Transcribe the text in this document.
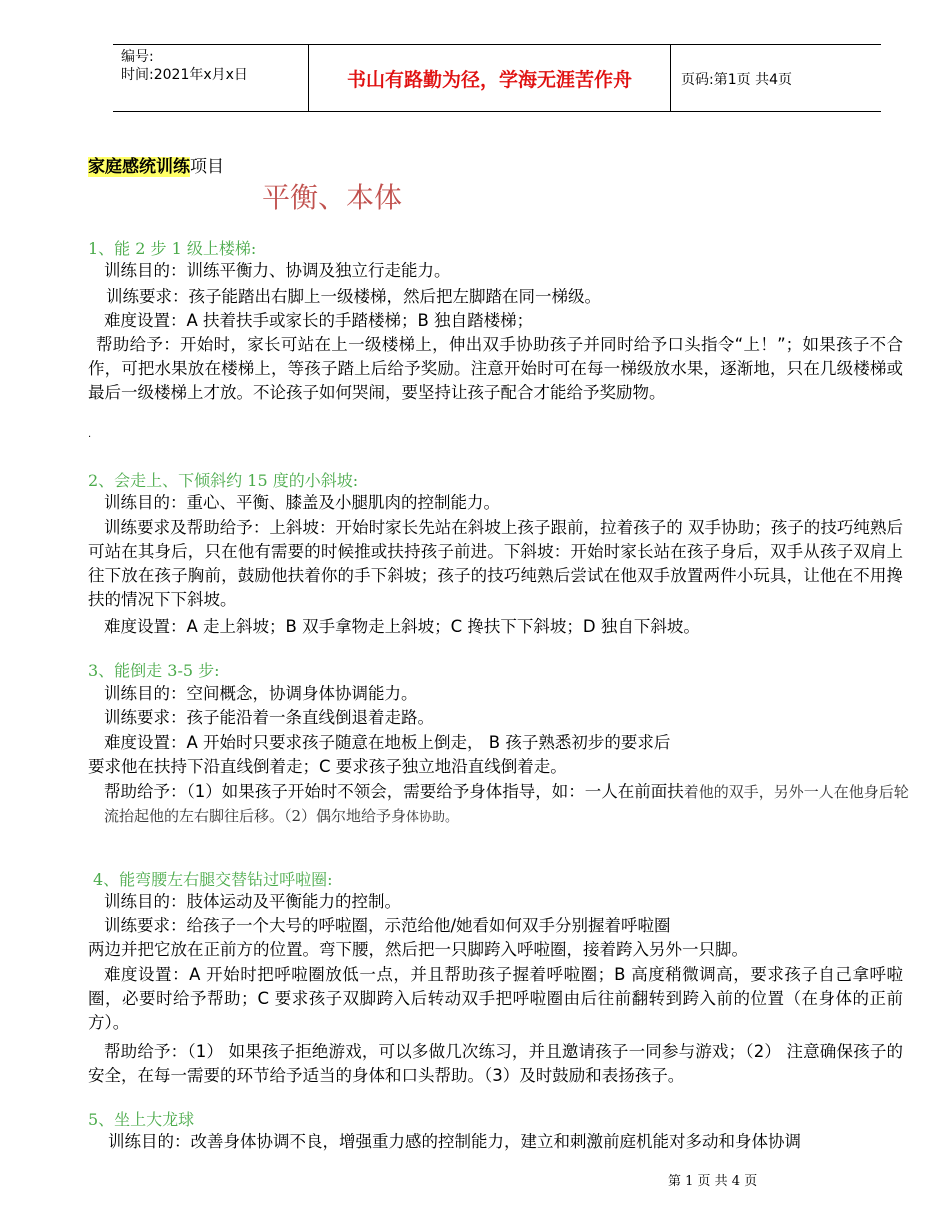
编号:
时间:2021年x月x日	书山有路勤为径，学海无涯苦作舟	页码:第1页 共4页
家庭感统训练项目
平衡、本体
1、能 2 步 1 级上楼梯:
训练目的：训练平衡力、协调及独立行走能力。
训练要求：孩子能踏出右脚上一级楼梯，然后把左脚踏在同一梯级。
难度设置：A 扶着扶手或家长的手踏楼梯；B 独自踏楼梯；
帮助给予：开始时，家长可站在上一级楼梯上，伸出双手协助孩子并同时给予口头指令“上！”；如果孩子不合作，可把水果放在楼梯上，等孩子踏上后给予奖励。注意开始时可在每一梯级放水果，逐渐地，只在几级楼梯或最后一级楼梯上才放。不论孩子如何哭闹，要坚持让孩子配合才能给予奖励物。
·
2、会走上、下倾斜约 15 度的小斜坡:
训练目的：重心、平衡、膝盖及小腿肌肉的控制能力。
训练要求及帮助给予：上斜坡：开始时家长先站在斜坡上孩子跟前，拉着孩子的 双手协助；孩子的技巧纯熟后可站在其身后，只在他有需要的时候推或扶持孩子前进。下斜坡：开始时家长站在孩子身后，双手从孩子双肩上往下放在孩子胸前，鼓励他扶着你的手下斜坡；孩子的技巧纯熟后尝试在他双手放置两件小玩具，让他在不用搀扶的情况下下斜坡。
难度设置：A 走上斜坡；B 双手拿物走上斜坡；C 搀扶下下斜坡；D 独自下斜坡。
3、能倒走 3-5 步:
训练目的：空间概念，协调身体协调能力。
训练要求：孩子能沿着一条直线倒退着走路。
难度设置：A 开始时只要求孩子随意在地板上倒走， B 孩子熟悉初步的要求后
要求他在扶持下沿直线倒着走；C 要求孩子独立地沿直线倒着走。
帮助给予：（1）如果孩子开始时不领会，需要给予身体指导，如：一人在前面扶着他的双手，另外一人在他身后轮流抬起他的左右脚往后移。（2）偶尔地给予身体协助。
4、能弯腰左右腿交替钻过呼啦圈:
训练目的：肢体运动及平衡能力的控制。
训练要求：给孩子一个大号的呼啦圈，示范给他/她看如何双手分别握着呼啦圈
两边并把它放在正前方的位置。弯下腰，然后把一只脚跨入呼啦圈，接着跨入另外一只脚。
难度设置：A 开始时把呼啦圈放低一点，并且帮助孩子握着呼啦圈；B 高度稍微调高，要求孩子自己拿呼啦圈，必要时给予帮助；C 要求孩子双脚跨入后转动双手把呼啦圈由后往前翻转到跨入前的位置（在身体的正前方）。
帮助给予：（1） 如果孩子拒绝游戏，可以多做几次练习，并且邀请孩子一同参与游戏；（2） 注意确保孩子的安全，在每一需要的环节给予适当的身体和口头帮助。（3）及时鼓励和表扬孩子。
5、坐上大龙球
训练目的：改善身体协调不良，增强重力感的控制能力，建立和刺激前庭机能对多动和身体协调
第 1 页 共 4 页
